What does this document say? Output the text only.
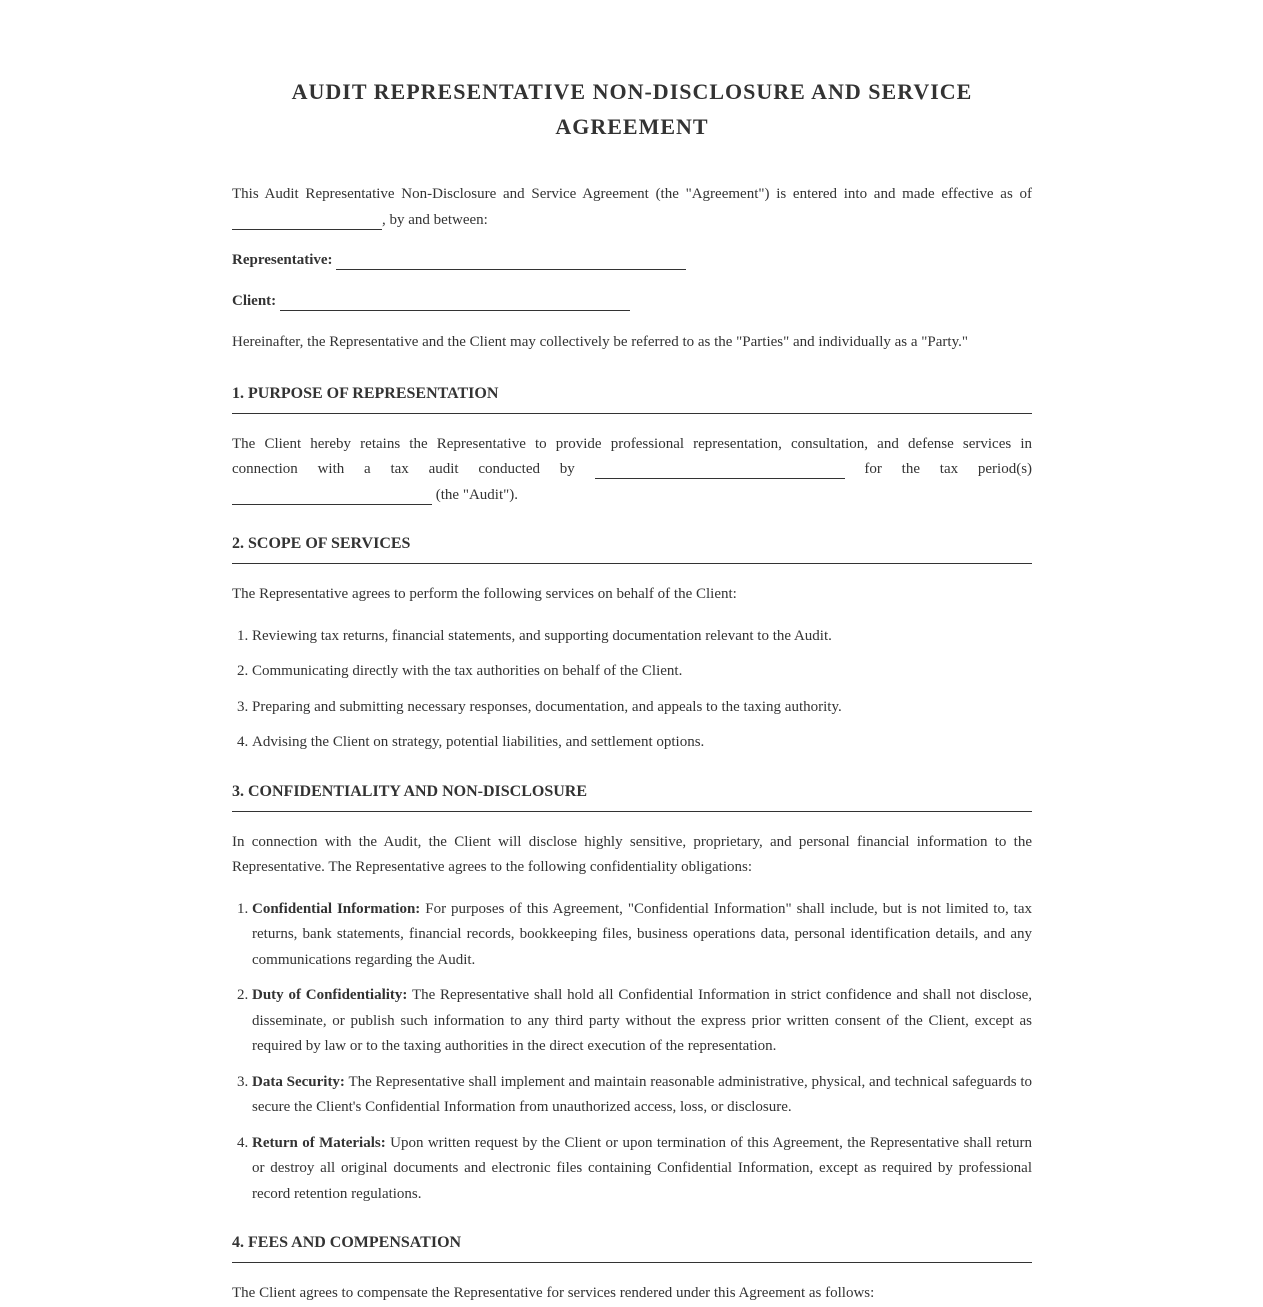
AUDIT REPRESENTATIVE NON-DISCLOSURE AND SERVICE
AGREEMENT

This Audit Representative Non-Disclosure and Service Agreement (the "Agreement") is entered into and made effective as of , by and between:

Representative:
Client:

Hereinafter, the Representative and the Client may collectively be referred to as the "Parties" and individually as a "Party."

1. PURPOSE OF REPRESENTATION

The Client hereby retains the Representative to provide professional representation, consultation, and defense services in

connection with a tax audit conducted by	for the tax period(s)

(the "Audit").

2. SCOPE OF SERVICES

The Representative agrees to perform the following services on behalf of the Client:

1. Reviewing tax returns, financial statements, and supporting documentation relevant to the Audit.
2. Communicating directly with the tax authorities on behalf of the Client.
3. Preparing and submitting necessary responses, documentation, and appeals to the taxing authority.
4. Advising the Client on strategy, potential liabilities, and settlement options.
3. CONFIDENTIALITY AND NON-DISCLOSURE

In connection with the Audit, the Client will disclose highly sensitive, proprietary, and personal financial information to the Representative. The Representative agrees to the following confidentiality obligations:

1. Confidential Information: For purposes of this Agreement, "Confidential Information" shall include, but is not limited to, tax returns, bank statements, financial records, bookkeeping files, business operations data, personal identification details, and any communications regarding the Audit.
2. Duty of Confidentiality: The Representative shall hold all Confidential Information in strict confidence and shall not disclose, disseminate, or publish such information to any third party without the express prior written consent of the Client, except as required by law or to the taxing authorities in the direct execution of the representation.
3. Data Security: The Representative shall implement and maintain reasonable administrative, physical, and technical safeguards to secure the Client's Confidential Information from unauthorized access, loss, or disclosure.
4. Return of Materials: Upon written request by the Client or upon termination of this Agreement, the Representative shall return or destroy all original documents and electronic files containing Confidential Information, except as required by professional record retention regulations.
4. FEES AND COMPENSATION

The Client agrees to compensate the Representative for services rendered under this Agreement as follows:
